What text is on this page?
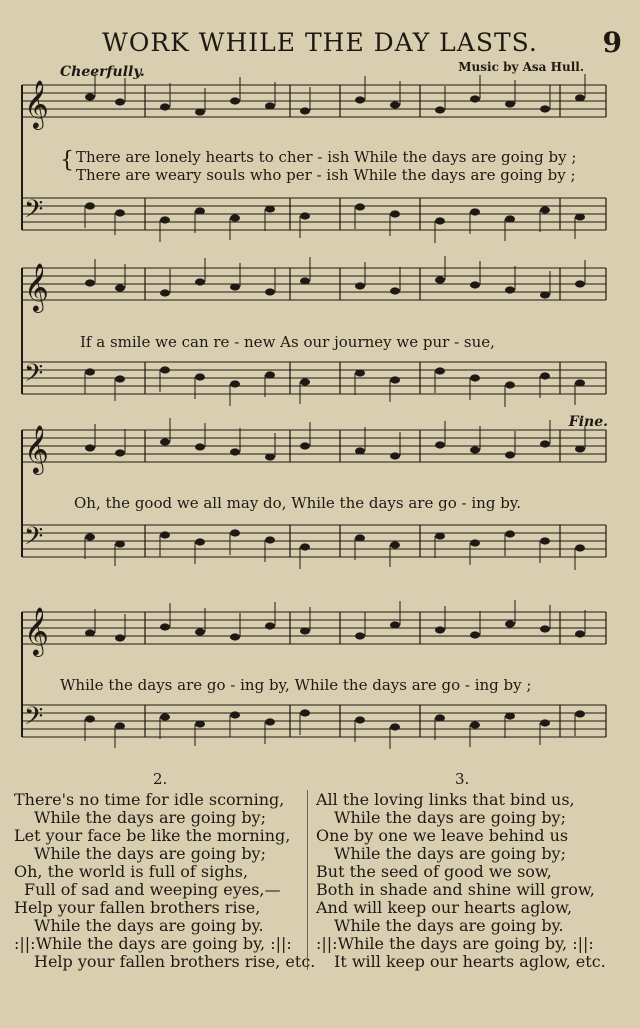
WORK WHILE THE DAY LASTS.	9
Cheerfully.	Music by Asa Hull.
Fine.
𝄞
𝄢
𝄞
𝄢
𝄞
𝄢
𝄞
𝄢
{ There are lonely hearts to cher - ish While the days are going by ;
There are weary souls who per - ish While the days are going by ;
If a smile we can re - new As our journey we pur - sue,
Oh, the good we all may do, While the days are go - ing by.
While the days are go - ing by, While the days are go - ing by ;
2.	3.
There's no time for idle scorning,
While the days are going by;
Let your face be like the morning,
While the days are going by;
Oh, the world is full of sighs,
Full of sad and weeping eyes,—
Help your fallen brothers rise,
While the days are going by.
:||:While the days are going by, :||:
Help your fallen brothers rise, etc.
All the loving links that bind us,
While the days are going by;
One by one we leave behind us
While the days are going by;
But the seed of good we sow,
Both in shade and shine will grow,
And will keep our hearts aglow,
While the days are going by.
:||:While the days are going by, :||:
It will keep our hearts aglow, etc.
